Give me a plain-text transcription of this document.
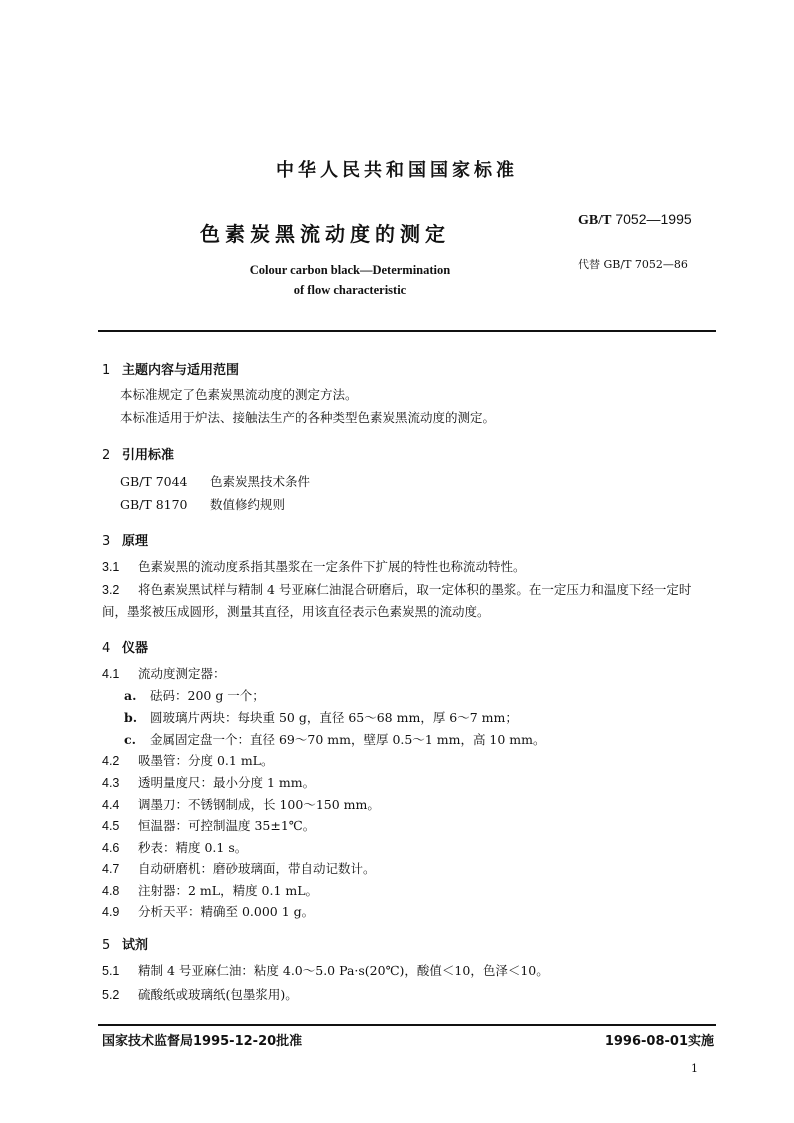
中华人民共和国国家标准
色素炭黑流动度的测定
GB/T 7052—1995
代替 GB/T 7052—86
Colour carbon black—Determination
of flow characteristic
1 主题内容与适用范围
本标准规定了色素炭黑流动度的测定方法。
本标准适用于炉法、接触法生产的各种类型色素炭黑流动度的测定。
2 引用标准
GB/T 7044 色素炭黑技术条件
GB/T 8170 数值修约规则
3 原理
3.1 色素炭黑的流动度系指其墨浆在一定条件下扩展的特性也称流动特性。
3.2 将色素炭黑试样与精制 4 号亚麻仁油混合研磨后，取一定体积的墨浆。在一定压力和温度下经一定时间，墨浆被压成圆形，测量其直径，用该直径表示色素炭黑的流动度。
4 仪器
4.1 流动度测定器：
a. 砝码：200 g 一个；
b. 圆玻璃片两块：每块重 50 g，直径 65～68 mm，厚 6～7 mm；
c. 金属固定盘一个：直径 69～70 mm，壁厚 0.5～1 mm，高 10 mm。
4.2 吸墨管：分度 0.1 mL。
4.3 透明量度尺：最小分度 1 mm。
4.4 调墨刀：不锈钢制成，长 100～150 mm。
4.5 恒温器：可控制温度 35±1℃。
4.6 秒表：精度 0.1 s。
4.7 自动研磨机：磨砂玻璃面，带自动记数计。
4.8 注射器：2 mL，精度 0.1 mL。
4.9 分析天平：精确至 0.000 1 g。
5 试剂
5.1 精制 4 号亚麻仁油：粘度 4.0～5.0 Pa·s(20℃)，酸值＜10，色泽＜10。
5.2 硫酸纸或玻璃纸(包墨浆用)。
国家技术监督局1995-12-20批准	1996-08-01实施
1
